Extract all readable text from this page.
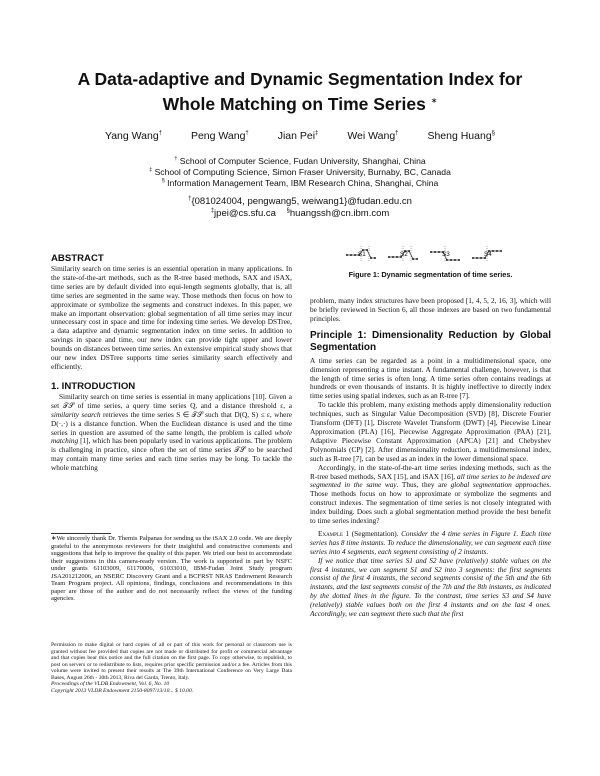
A Data-adaptive and Dynamic Segmentation Index for
Whole Matching on Time Series ∗
Yang Wang†	Peng Wang†	Jian Pei‡	Wei Wang†	Sheng Huang§
† School of Computer Science, Fudan University, Shanghai, China
‡ School of Computing Science, Simon Fraser University, Burnaby, BC, Canada
§ Information Management Team, IBM Research China, Shanghai, China
†{081024004, pengwang5, weiwang1}@fudan.edu.cn
‡jpei@cs.sfu.ca §huangssh@cn.ibm.com
ABSTRACT

Similarity search on time series is an essential operation in many applications. In the state-of-the-art methods, such as the R-tree based methods, SAX and iSAX, time series are by default divided into equi-length segments globally, that is, all time series are segmented in the same way. Those methods then focus on how to approximate or symbolize the segments and construct indexes. In this paper, we make an important observation: global segmentation of all time series may incur unnecessary cost in space and time for indexing time series. We develop DSTree, a data adaptive and dynamic segmentation index on time series. In addition to savings in space and time, our new index can provide tight upper and lower bounds on distances between time series. An extensive empirical study shows that our new index DSTree supports time series similarity search effectively and efficiently.

1. INTRODUCTION

Similarity search on time series is essential in many applications [10]. Given a set 𝒯𝒮 of time series, a query time series Q, and a distance threshold ε, a similarity search retrieves the time series S ∈ 𝒯𝒮 such that D(Q, S) ≤ ε, where D(·,·) is a distance function. When the Euclidean distance is used and the time series in question are assumed of the same length, the problem is called whole matching [1], which has been popularly used in various applications. The problem is challenging in practice, since often the set of time series 𝒯𝒮 to be searched may contain many time series and each time series may be long. To tackle the whole matching

∗We sincerely thank Dr. Themis Palpanas for sending us the iSAX 2.0 code. We are deeply grateful to the anonymous reviewers for their insightful and constructive comments and suggestions that help to improve the quality of this paper. We tried our best to accommodate their suggestions in this camera-ready version. The work is supported in part by NSFC under grants 61103009, 61170006, 61033010, IBM-Fudan Joint Study program JSA201212006, an NSERC Discovery Grant and a BCFRST NRAS Endowment Research Team Program project. All opinions, findings, conclusions and recommendations in this paper are those of the author and do not necessarily reflect the views of the funding agencies.

Permission to make digital or hard copies of all or part of this work for personal or classroom use is granted without fee provided that copies are not made or distributed for profit or commercial advantage and that copies bear this notice and the full citation on the first page. To copy otherwise, to republish, to post on servers or to redistribute to lists, requires prior specific permission and/or a fee. Articles from this volume were invited to present their results at The 39th International Conference on Very Large Data Bases, August 26th - 30th 2013, Riva del Garda, Trento, Italy.

Proceedings of the VLDB Endowment, Vol. 6, No. 10

Copyright 2013 VLDB Endowment 2150-8097/13/10... $ 10.00.

S1	S2	S3	S4
Figure 1: Dynamic segmentation of time series.

problem, many index structures have been proposed [1, 4, 5, 2, 16, 3], which will be briefly reviewed in Section 6, all those indexes are based on two fundamental principles.

Principle 1: Dimensionality Reduction by Global Segmentation

A time series can be regarded as a point in a multidimensional space, one dimension representing a time instant. A fundamental challenge, however, is that the length of time series is often long. A time series often contains readings at hundreds or even thousands of instants. It is highly ineffective to directly index time series using spatial indexes, such as an R-tree [7].

To tackle this problem, many existing methods apply dimensionality reduction techniques, such as Singular Value Decomposition (SVD) [8], Discrete Fourier Transform (DFT) [1], Discrete Wavelet Transform (DWT) [4], Piecewise Linear Approximation (PLA) [16], Piecewise Aggregate Approximation (PAA) [21], Adaptive Piecewise Constant Approximation (APCA) [21] and Chebyshev Polynomials (CP) [2]. After dimensionality reduction, a multidimensional index, such as R-tree [7], can be used as an index in the lower dimensional space.

Accordingly, in the state-of-the-art time series indexing methods, such as the R-tree based methods, SAX [15], and iSAX [16], all time series to be indexed are segmented in the same way. Thus, they are global segmentation approaches. Those methods focus on how to approximate or symbolize the segments and construct indexes. The segmentation of time series is not closely integrated with index building. Does such a global segmentation method provide the best benefit to time series indexing?

Example 1 (Segmentation). Consider the 4 time series in Figure 1. Each time series has 8 time instants. To reduce the dimensionality, we can segment each time series into 4 segments, each segment consisting of 2 instants.

If we notice that time series S1 and S2 have (relatively) stable values on the first 4 instants, we can segment S1 and S2 into 3 segments: the first segments consist of the first 4 instants, the second segments consist of the 5th and the 6th instants, and the last segments consist of the 7th and the 8th instants, as indicated by the dotted lines in the figure. To the contrast, time series S3 and S4 have (relatively) stable values both on the first 4 instants and on the last 4 ones. Accordingly, we can segment them such that the first
